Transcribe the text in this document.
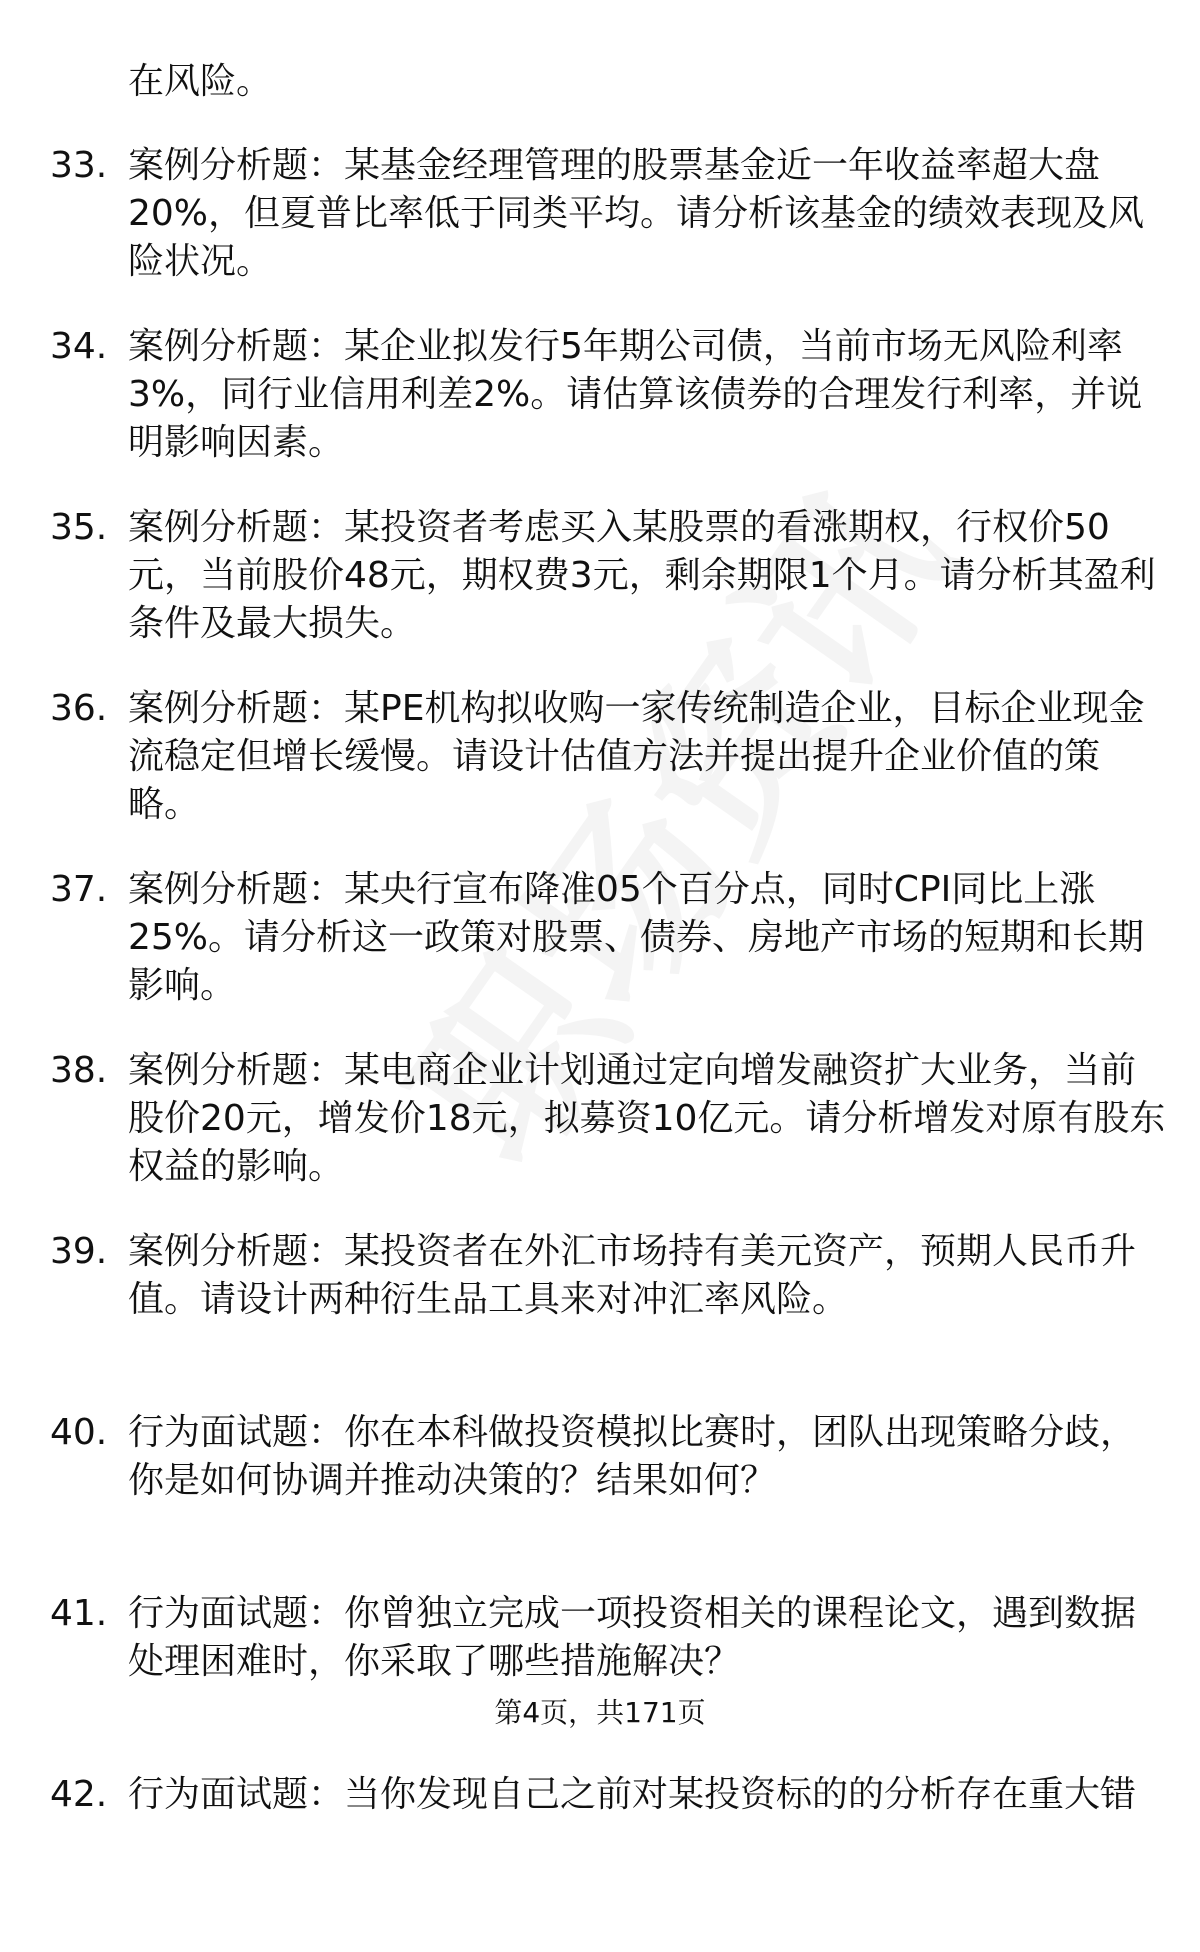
在风险。
33. 案例分析题：某基金经理管理的股票基金近一年收益率超大盘
20%，但夏普比率低于同类平均。请分析该基金的绩效表现及风
险状况。
34. 案例分析题：某企业拟发行5年期公司债，当前市场无风险利率
3%，同行业信用利差2%。请估算该债券的合理发行利率，并说
明影响因素。
35. 案例分析题：某投资者考虑买入某股票的看涨期权，行权价50
元，当前股价48元，期权费3元，剩余期限1个月。请分析其盈利
条件及最大损失。
36. 案例分析题：某PE机构拟收购一家传统制造企业，目标企业现金
流稳定但增长缓慢。请设计估值方法并提出提升企业价值的策
略。
37. 案例分析题：某央行宣布降准05个百分点，同时CPI同比上涨
25%。请分析这一政策对股票、债券、房地产市场的短期和长期
影响。
38. 案例分析题：某电商企业计划通过定向增发融资扩大业务，当前
股价20元，增发价18元，拟募资10亿元。请分析增发对原有股东
权益的影响。
39. 案例分析题：某投资者在外汇市场持有美元资产，预期人民币升
值。请设计两种衍生品工具来对冲汇率风险。
40. 行为面试题：你在本科做投资模拟比赛时，团队出现策略分歧，
你是如何协调并推动决策的？结果如何？
41. 行为面试题：你曾独立完成一项投资相关的课程论文，遇到数据
处理困难时，你采取了哪些措施解决？
42. 行为面试题：当你发现自己之前对某投资标的的分析存在重大错
第4页，共171页
